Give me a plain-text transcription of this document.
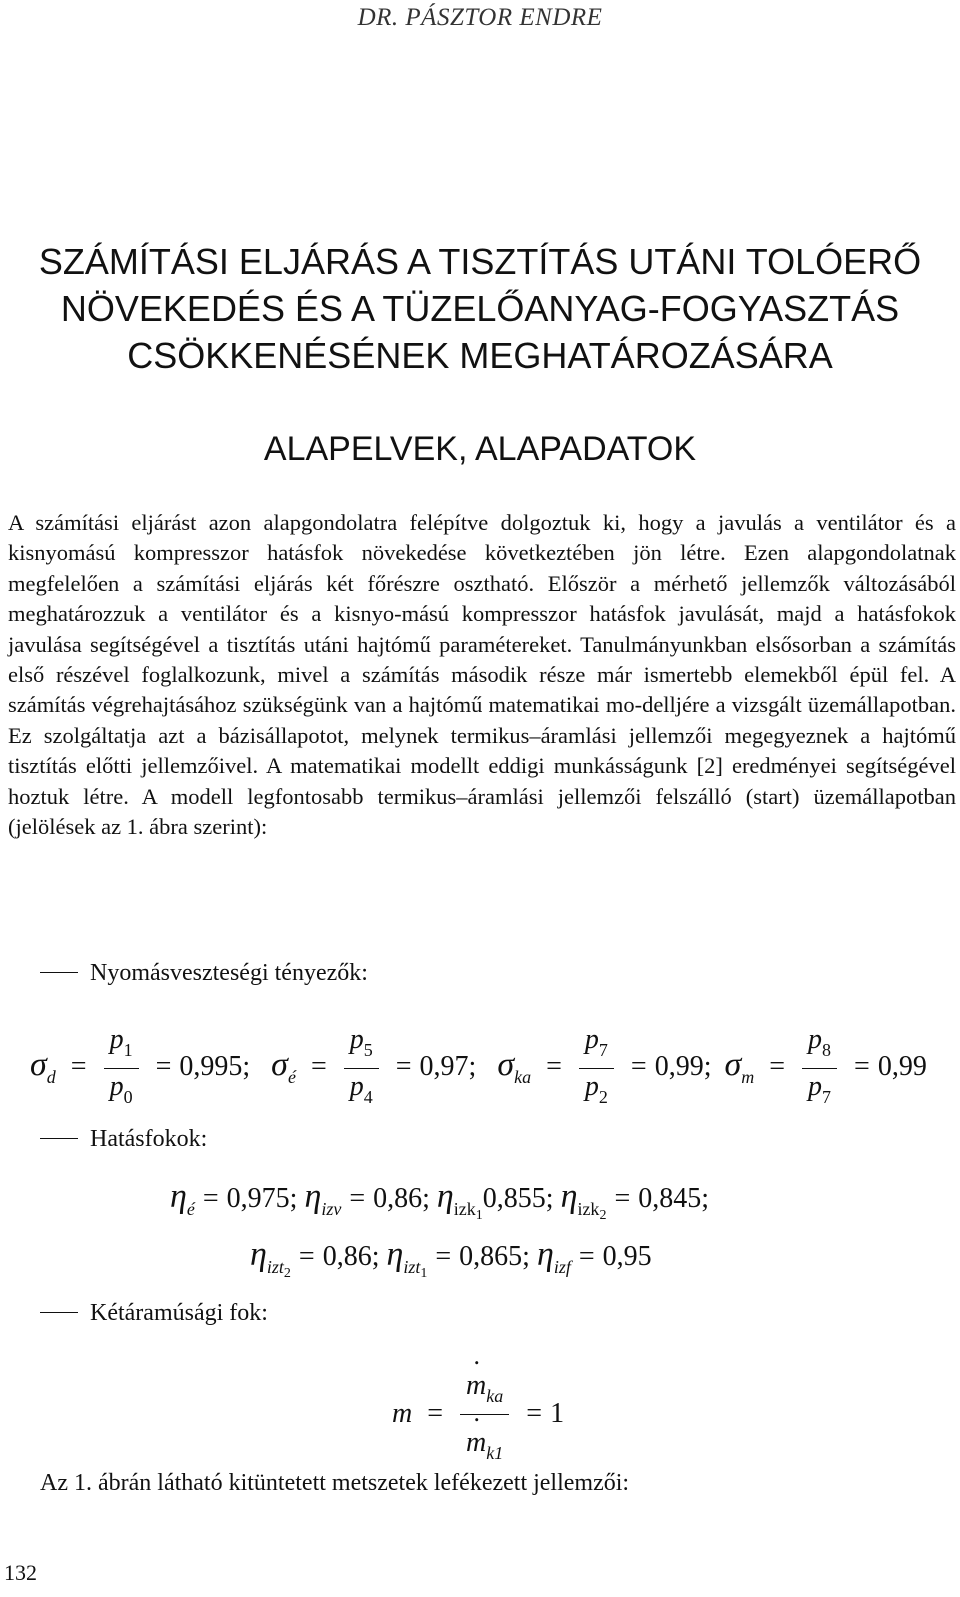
DR. PÁSZTOR ENDRE
SZÁMÍTÁSI ELJÁRÁS A TISZTÍTÁS UTÁNI TOLÓERŐ
NÖVEKEDÉS ÉS A TÜZELŐANYAG-FOGYASZTÁS
CSÖKKENÉSÉNEK MEGHATÁROZÁSÁRA
ALAPELVEK, ALAPADATOK

A számítási eljárást azon alapgondolatra felépítve dolgoztuk ki, hogy a javulás a ventilátor és a kisnyomású kompresszor hatásfok növekedése következtében jön létre. Ezen alapgondolatnak megfelelően a számítási eljárás két főrészre osztható. Először a mérhető jellemzők változásából meghatározzuk a ventilátor és a kisnyo-mású kompresszor hatásfok javulását, majd a hatásfokok javulása segítségével a tisztítás utáni hajtómű paramétereket. Tanulmányunkban elsősorban a számítás első részével foglalkozunk, mivel a számítás második része már ismertebb elemekből épül fel. A számítás végrehajtásához szükségünk van a hajtómű matematikai mo-delljére a vizsgált üzemállapotban. Ez szolgáltatja azt a bázisállapotot, melynek termikus–áramlási jellemzői megegyeznek a hajtómű tisztítás előtti jellemzőivel. A matematikai modellt eddigi munkásságunk [2] eredményei segítségével hoztuk létre. A modell legfontosabb termikus–áramlási jellemzői felszálló (start) üzemállapotban (jelölések az 1. ábra szerint):

Nyomásveszteségi tényezők:
$\sigma_d = \frac{p_1}{p_0} = 0,995$; $\sigma_é = \frac{p_5}{p_4} = 0,97$; $\sigma_{ka} = \frac{p_7}{p_2} = 0,99$; $\sigma_m = \frac{p_8}{p_7} = 0,99$
Hatásfokok:
$\eta_é = 0,975$; $\eta_{izv} = 0,86$; $\eta_{izk1}0,855$; $\eta_{izk2}= 0,845$;
$\eta_{izt2}= 0,86$; $\eta_{izt1}= 0,865$; $\eta_{izf} = 0,95$
Kétáramúsági fok:
m =
. $m_{ka}$
. $m_{k1} = 1$
Az 1. ábrán látható kitüntetett metszetek lefékezett jellemzői:
132
